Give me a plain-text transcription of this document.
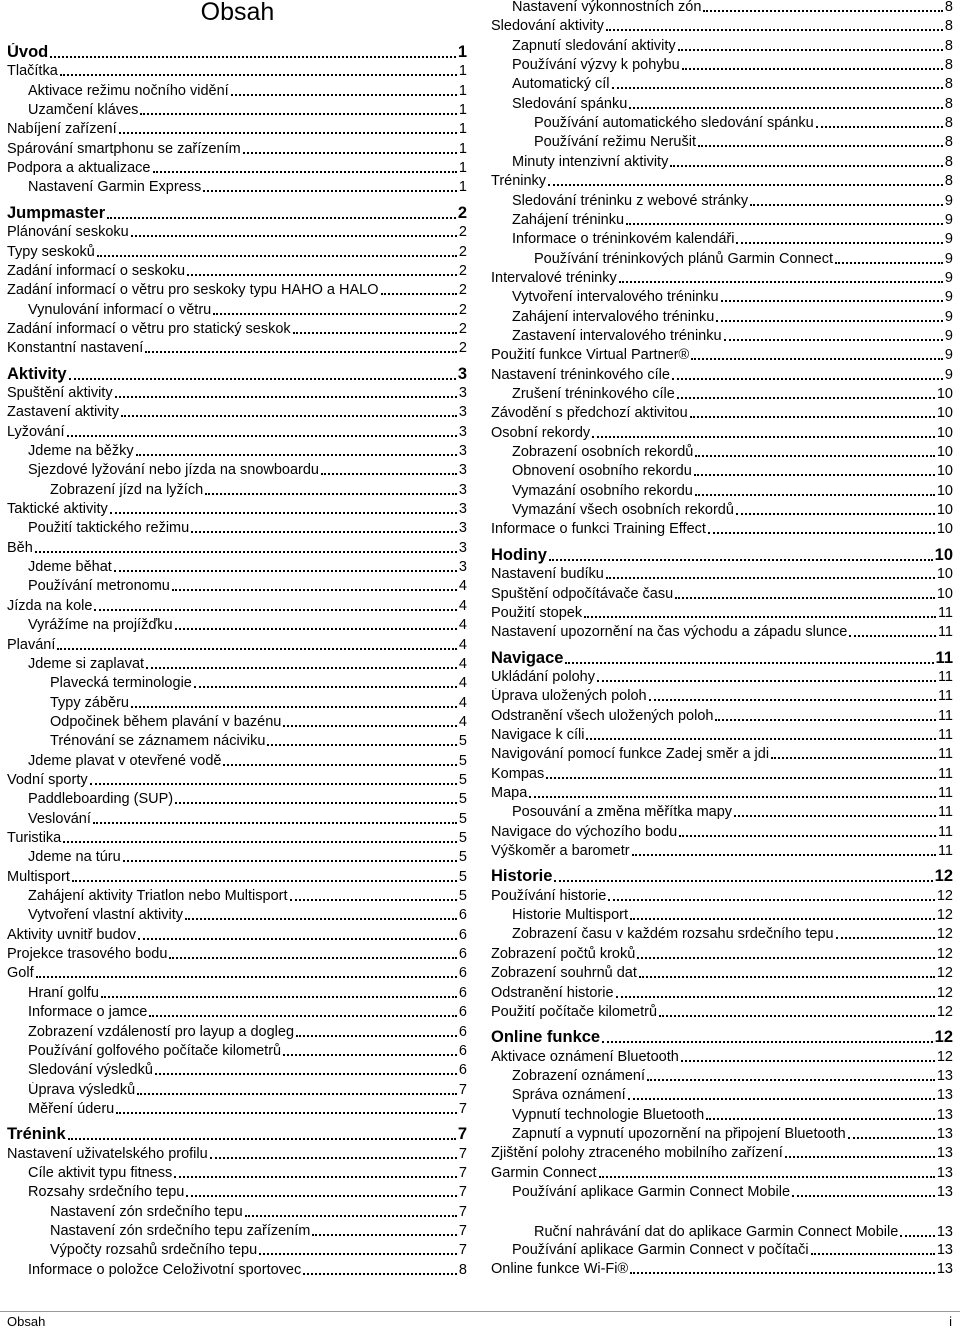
Obsah
Úvod	1
Tlačítka	1
Aktivace režimu nočního vidění	1
Uzamčení kláves	1
Nabíjení zařízení	1
Spárování smartphonu se zařízením	1
Podpora a aktualizace	1
Nastavení Garmin Express	1
Jumpmaster	2
Plánování seskoku	2
Typy seskoků	2
Zadání informací o seskoku	2
Zadání informací o větru pro seskoky typu HAHO a HALO	2
Vynulování informací o větru	2
Zadání informací o větru pro statický seskok	2
Konstantní nastavení	2
Aktivity	3
Spuštění aktivity	3
Zastavení aktivity	3
Lyžování	3
Jdeme na běžky	3
Sjezdové lyžování nebo jízda na snowboardu	3
Zobrazení jízd na lyžích	3
Taktické aktivity	3
Použití taktického režimu	3
Běh	3
Jdeme běhat	3
Používání metronomu	4
Jízda na kole	4
Vyrážíme na projížďku	4
Plavání	4
Jdeme si zaplavat	4
Plavecká terminologie	4
Typy záběru	4
Odpočinek během plavání v bazénu	4
Trénování se záznamem náciviku	5
Jdeme plavat v otevřené vodě	5
Vodní sporty	5
Paddleboarding (SUP)	5
Veslování	5
Turistika	5
Jdeme na túru	5
Multisport	5
Zahájení aktivity Triatlon nebo Multisport	5
Vytvoření vlastní aktivity	6
Aktivity uvnitř budov	6
Projekce trasového bodu	6
Golf	6
Hraní golfu	6
Informace o jamce	6
Zobrazení vzdáleností pro layup a dogleg	6
Používání golfového počítače kilometrů	6
Sledování výsledků	6
Úprava výsledků	7
Měření úderu	7
Trénink	7
Nastavení uživatelského profilu	7
Cíle aktivit typu fitness	7
Rozsahy srdečního tepu	7
Nastavení zón srdečního tepu	7
Nastavení zón srdečního tepu zařízením	7
Výpočty rozsahů srdečního tepu	7
Informace o položce Celoživotní sportovec	8
Nastavení výkonnostních zón	8
Sledování aktivity	8
Zapnutí sledování aktivity	8
Používání výzvy k pohybu	8
Automatický cíl	8
Sledování spánku	8
Používání automatického sledování spánku	8
Používání režimu Nerušit	8
Minuty intenzivní aktivity	8
Tréninky	8
Sledování tréninku z webové stránky	9
Zahájení tréninku	9
Informace o tréninkovém kalendáři	9
Používání tréninkových plánů Garmin Connect	9
Intervalové tréninky	9
Vytvoření intervalového tréninku	9
Zahájení intervalového tréninku	9
Zastavení intervalového tréninku	9
Použití funkce Virtual Partner®	9
Nastavení tréninkového cíle	9
Zrušení tréninkového cíle	10
Závodění s předchozí aktivitou	10
Osobní rekordy	10
Zobrazení osobních rekordů	10
Obnovení osobního rekordu	10
Vymazání osobního rekordu	10
Vymazání všech osobních rekordů	10
Informace o funkci Training Effect	10
Hodiny	10
Nastavení budíku	10
Spuštění odpočítávače času	10
Použití stopek	11
Nastavení upozornění na čas východu a západu slunce	11
Navigace	11
Ukládání polohy	11
Úprava uložených poloh	11
Odstranění všech uložených poloh	11
Navigace k cíli	11
Navigování pomocí funkce Zadej směr a jdi	11
Kompas	11
Mapa	11
Posouvání a změna měřítka mapy	11
Navigace do výchozího bodu	11
Výškoměr a barometr	11
Historie	12
Používání historie	12
Historie Multisport	12
Zobrazení času v každém rozsahu srdečního tepu	12
Zobrazení počtů kroků	12
Zobrazení souhrnů dat	12
Odstranění historie	12
Použití počítače kilometrů	12
Online funkce	12
Aktivace oznámení Bluetooth	12
Zobrazení oznámení	13
Správa oznámení	13
Vypnutí technologie Bluetooth	13
Zapnutí a vypnutí upozornění na připojení Bluetooth	13
Zjištění polohy ztraceného mobilního zařízení	13
Garmin Connect	13
Používání aplikace Garmin Connect Mobile	13
Ruční nahrávání dat do aplikace Garmin Connect Mobile	13
Používání aplikace Garmin Connect v počítači	13
Online funkce Wi‑Fi®	13
Obsah	i
